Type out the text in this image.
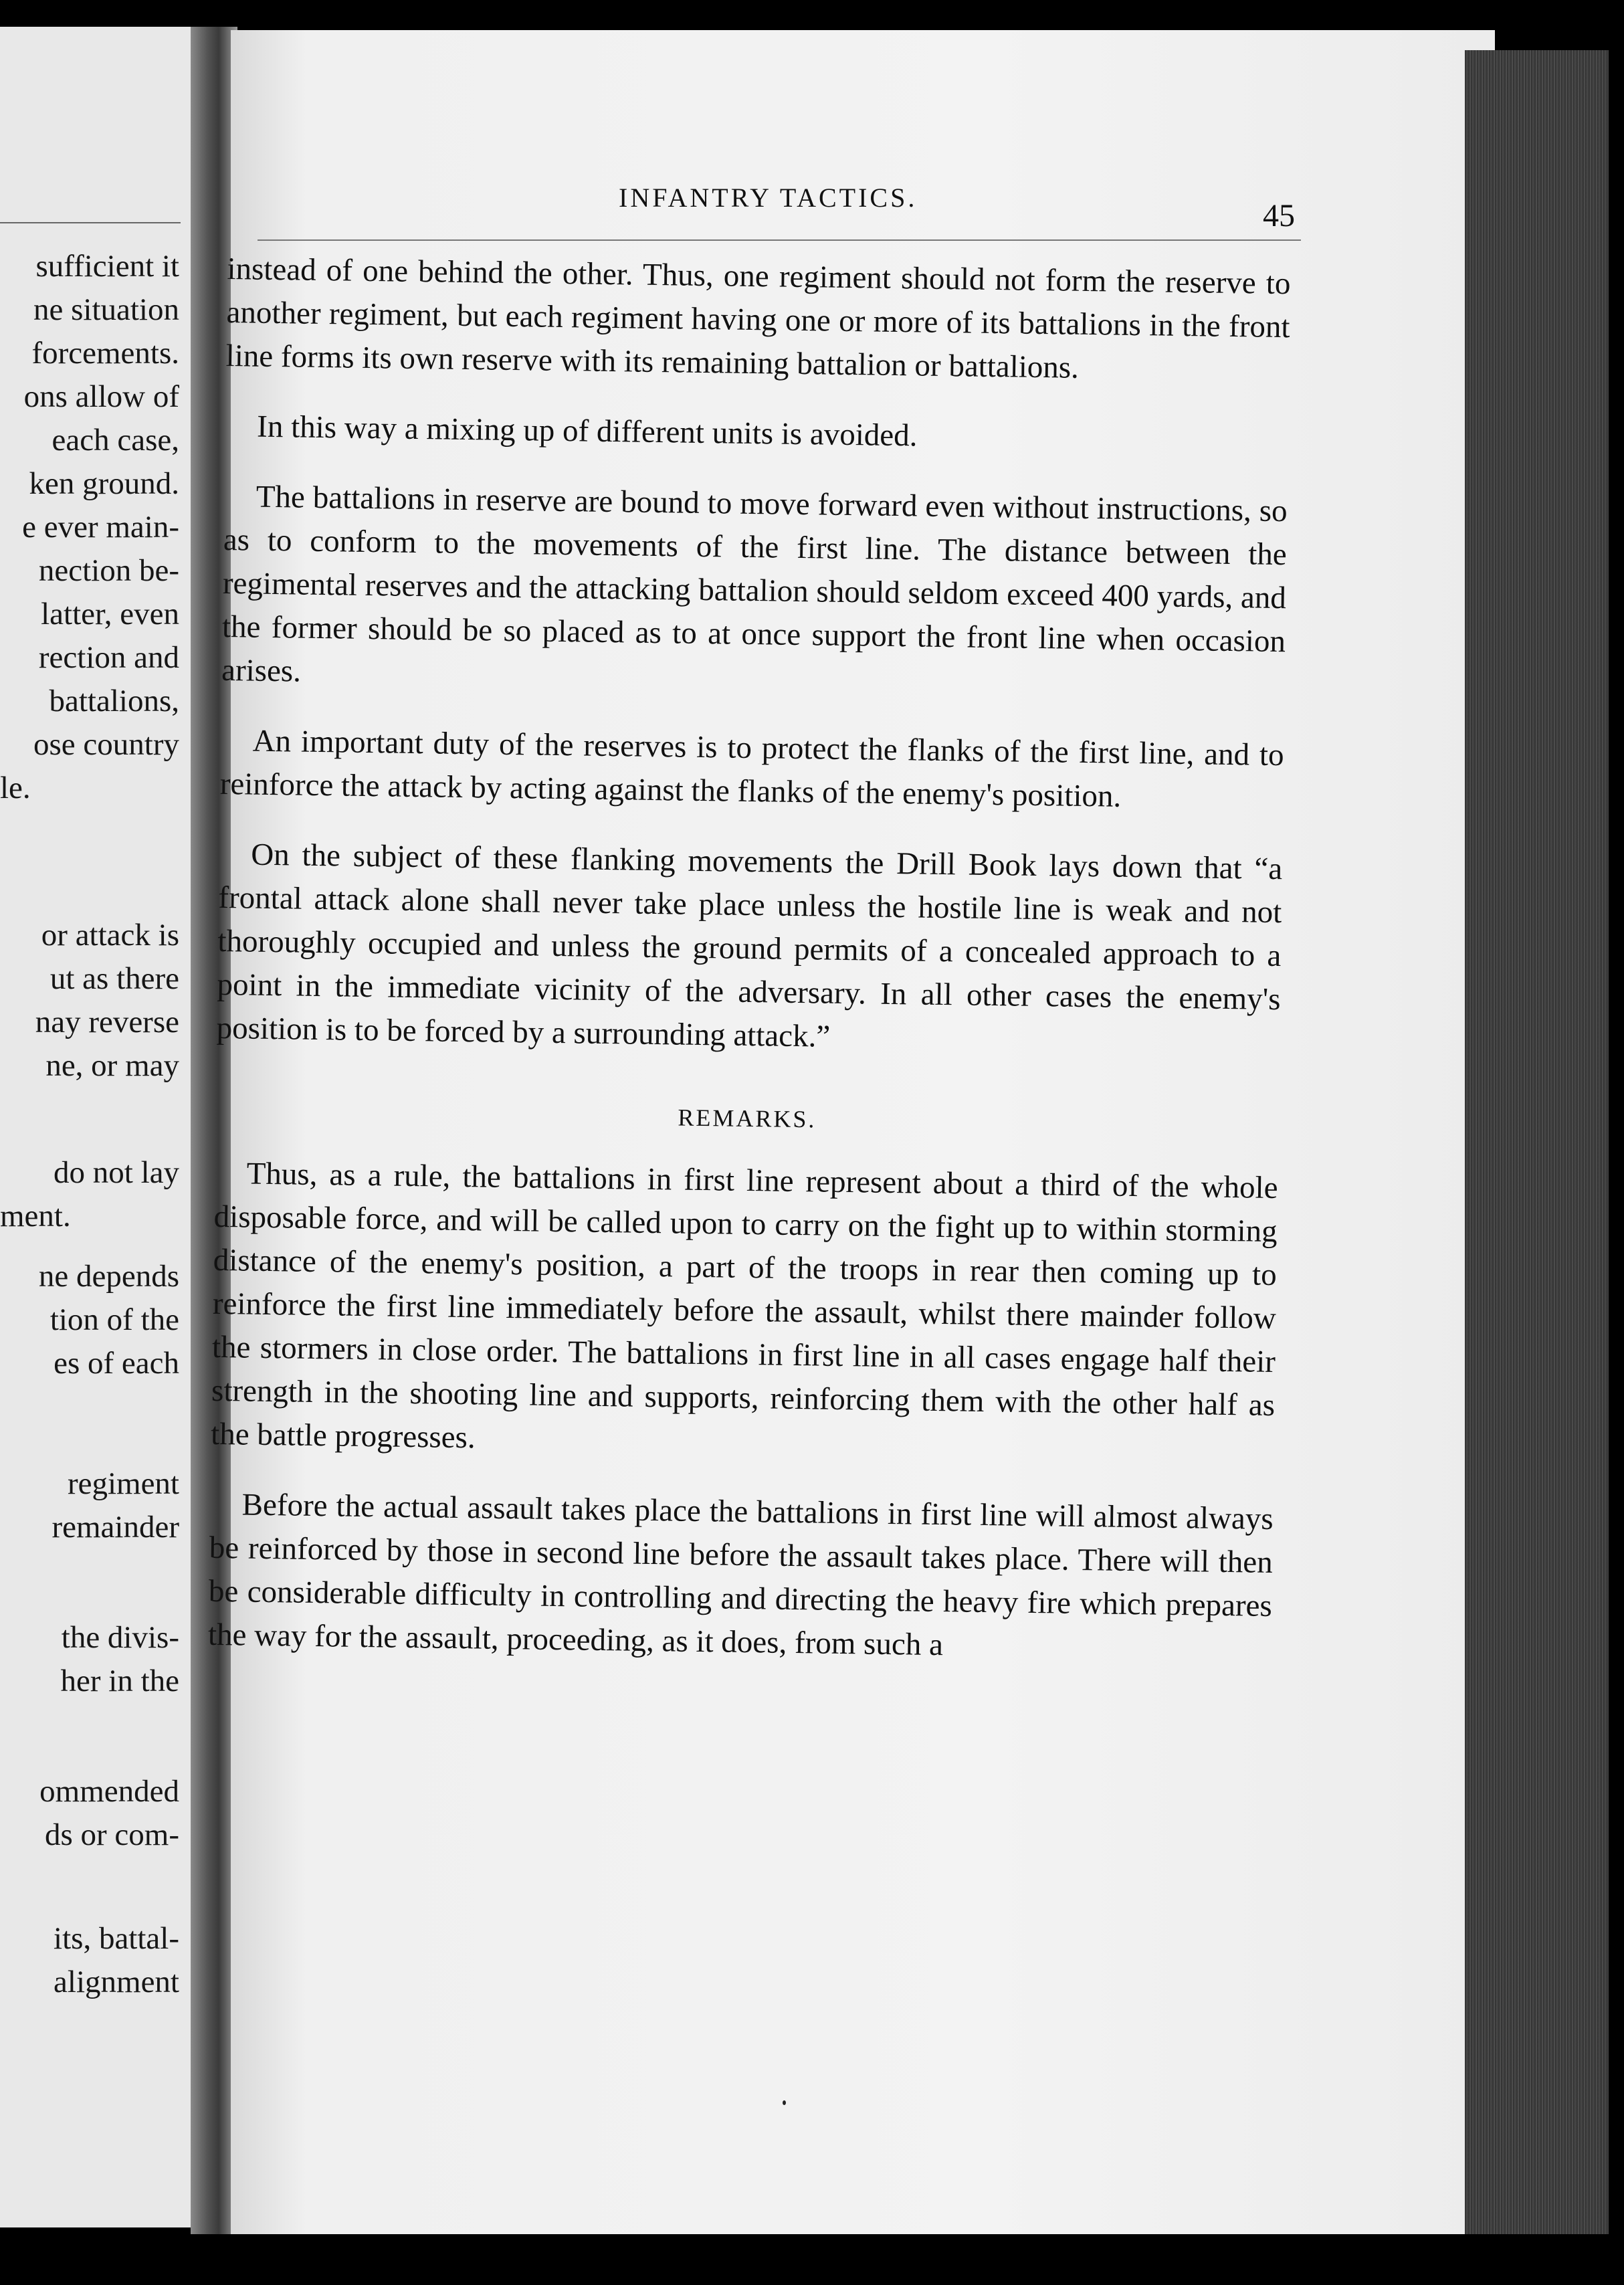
sufficient it
ne situation
forcements.
ons allow of
each case,
ken ground.
e ever main-
nection be-
latter, even
rection and
battalions,
ose country
le.
or attack is
ut as there
nay reverse
ne, or may
do not lay
ment.
ne depends
tion of the
es of each
regiment
remainder
the divis-
her in the
ommended
ds or com-
its, battal-
alignment
INFANTRY TACTICS.
45

instead of one behind the other. Thus, one regiment should not form the reserve to another regiment, but each regiment having one or more of its battalions in the front line forms its own reserve with its remaining battalion or battalions.

In this way a mixing up of different units is avoided.

The battalions in reserve are bound to move forward even without instructions, so as to conform to the movements of the first line. The distance between the regimental reserves and the attacking battalion should seldom exceed 400 yards, and the former should be so placed as to at once support the front line when occasion arises.

An important duty of the reserves is to protect the flanks of the first line, and to reinforce the attack by acting against the flanks of the enemy's position.

On the subject of these flanking movements the Drill Book lays down that “a frontal attack alone shall never take place unless the hostile line is weak and not thoroughly occupied and unless the ground permits of a concealed approach to a point in the immediate vicinity of the adversary. In all other cases the enemy's position is to be forced by a surrounding attack.”

REMARKS.

Thus, as a rule, the battalions in first line represent about a third of the whole disposable force, and will be called upon to carry on the fight up to within storming distance of the enemy's position, a part of the troops in rear then coming up to reinforce the first line immediately before the assault, whilst there mainder follow the stormers in close order. The battalions in first line in all cases engage half their strength in the shooting line and supports, reinforcing them with the other half as the battle progresses.

Before the actual assault takes place the battalions in first line will almost always be reinforced by those in second line before the assault takes place. There will then be considerable difficulty in controlling and directing the heavy fire which prepares the way for the assault, proceeding, as it does, from such a
